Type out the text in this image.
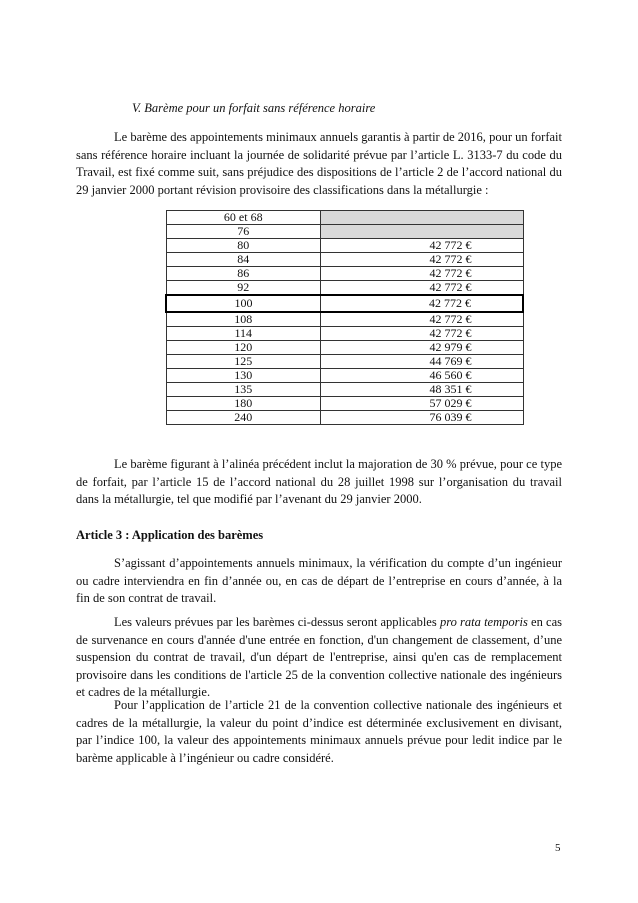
V. Barème pour un forfait sans référence horaire

Le barème des appointements minimaux annuels garantis à partir de 2016, pour un forfait sans référence horaire incluant la journée de solidarité prévue par l’article L. 3133-7 du code du Travail, est fixé comme suit, sans préjudice des dispositions de l’article 2 de l’accord national du 29 janvier 2000 portant révision provisoire des classifications dans la métallurgie :

60 et 68	
76	
80	42 772 €
84	42 772 €
86	42 772 €
92	42 772 €
100	42 772 €
108	42 772 €
114	42 772 €
120	42 979 €
125	44 769 €
130	46 560 €
135	48 351 €
180	57 029 €
240	76 039 €

Le barème figurant à l’alinéa précédent inclut la majoration de 30 % prévue, pour ce type de forfait, par l’article 15 de l’accord national du 28 juillet 1998 sur l’organisation du travail dans la métallurgie, tel que modifié par l’avenant du 29 janvier 2000.

Article 3 : Application des barèmes

S’agissant d’appointements annuels minimaux, la vérification du compte d’un ingénieur ou cadre interviendra en fin d’année ou, en cas de départ de l’entreprise en cours d’année, à la fin de son contrat de travail.

Les valeurs prévues par les barèmes ci-dessus seront applicables pro rata temporis en cas de survenance en cours d'année d'une entrée en fonction, d'un changement de classement, d’une suspension du contrat de travail, d'un départ de l'entreprise, ainsi qu'en cas de remplacement provisoire dans les conditions de l'article 25 de la convention collective nationale des ingénieurs et cadres de la métallurgie.

Pour l’application de l’article 21 de la convention collective nationale des ingénieurs et cadres de la métallurgie, la valeur du point d’indice est déterminée exclusivement en divisant, par l’indice 100, la valeur des appointements minimaux annuels prévue pour ledit indice par le barème applicable à l’ingénieur ou cadre considéré.

5
